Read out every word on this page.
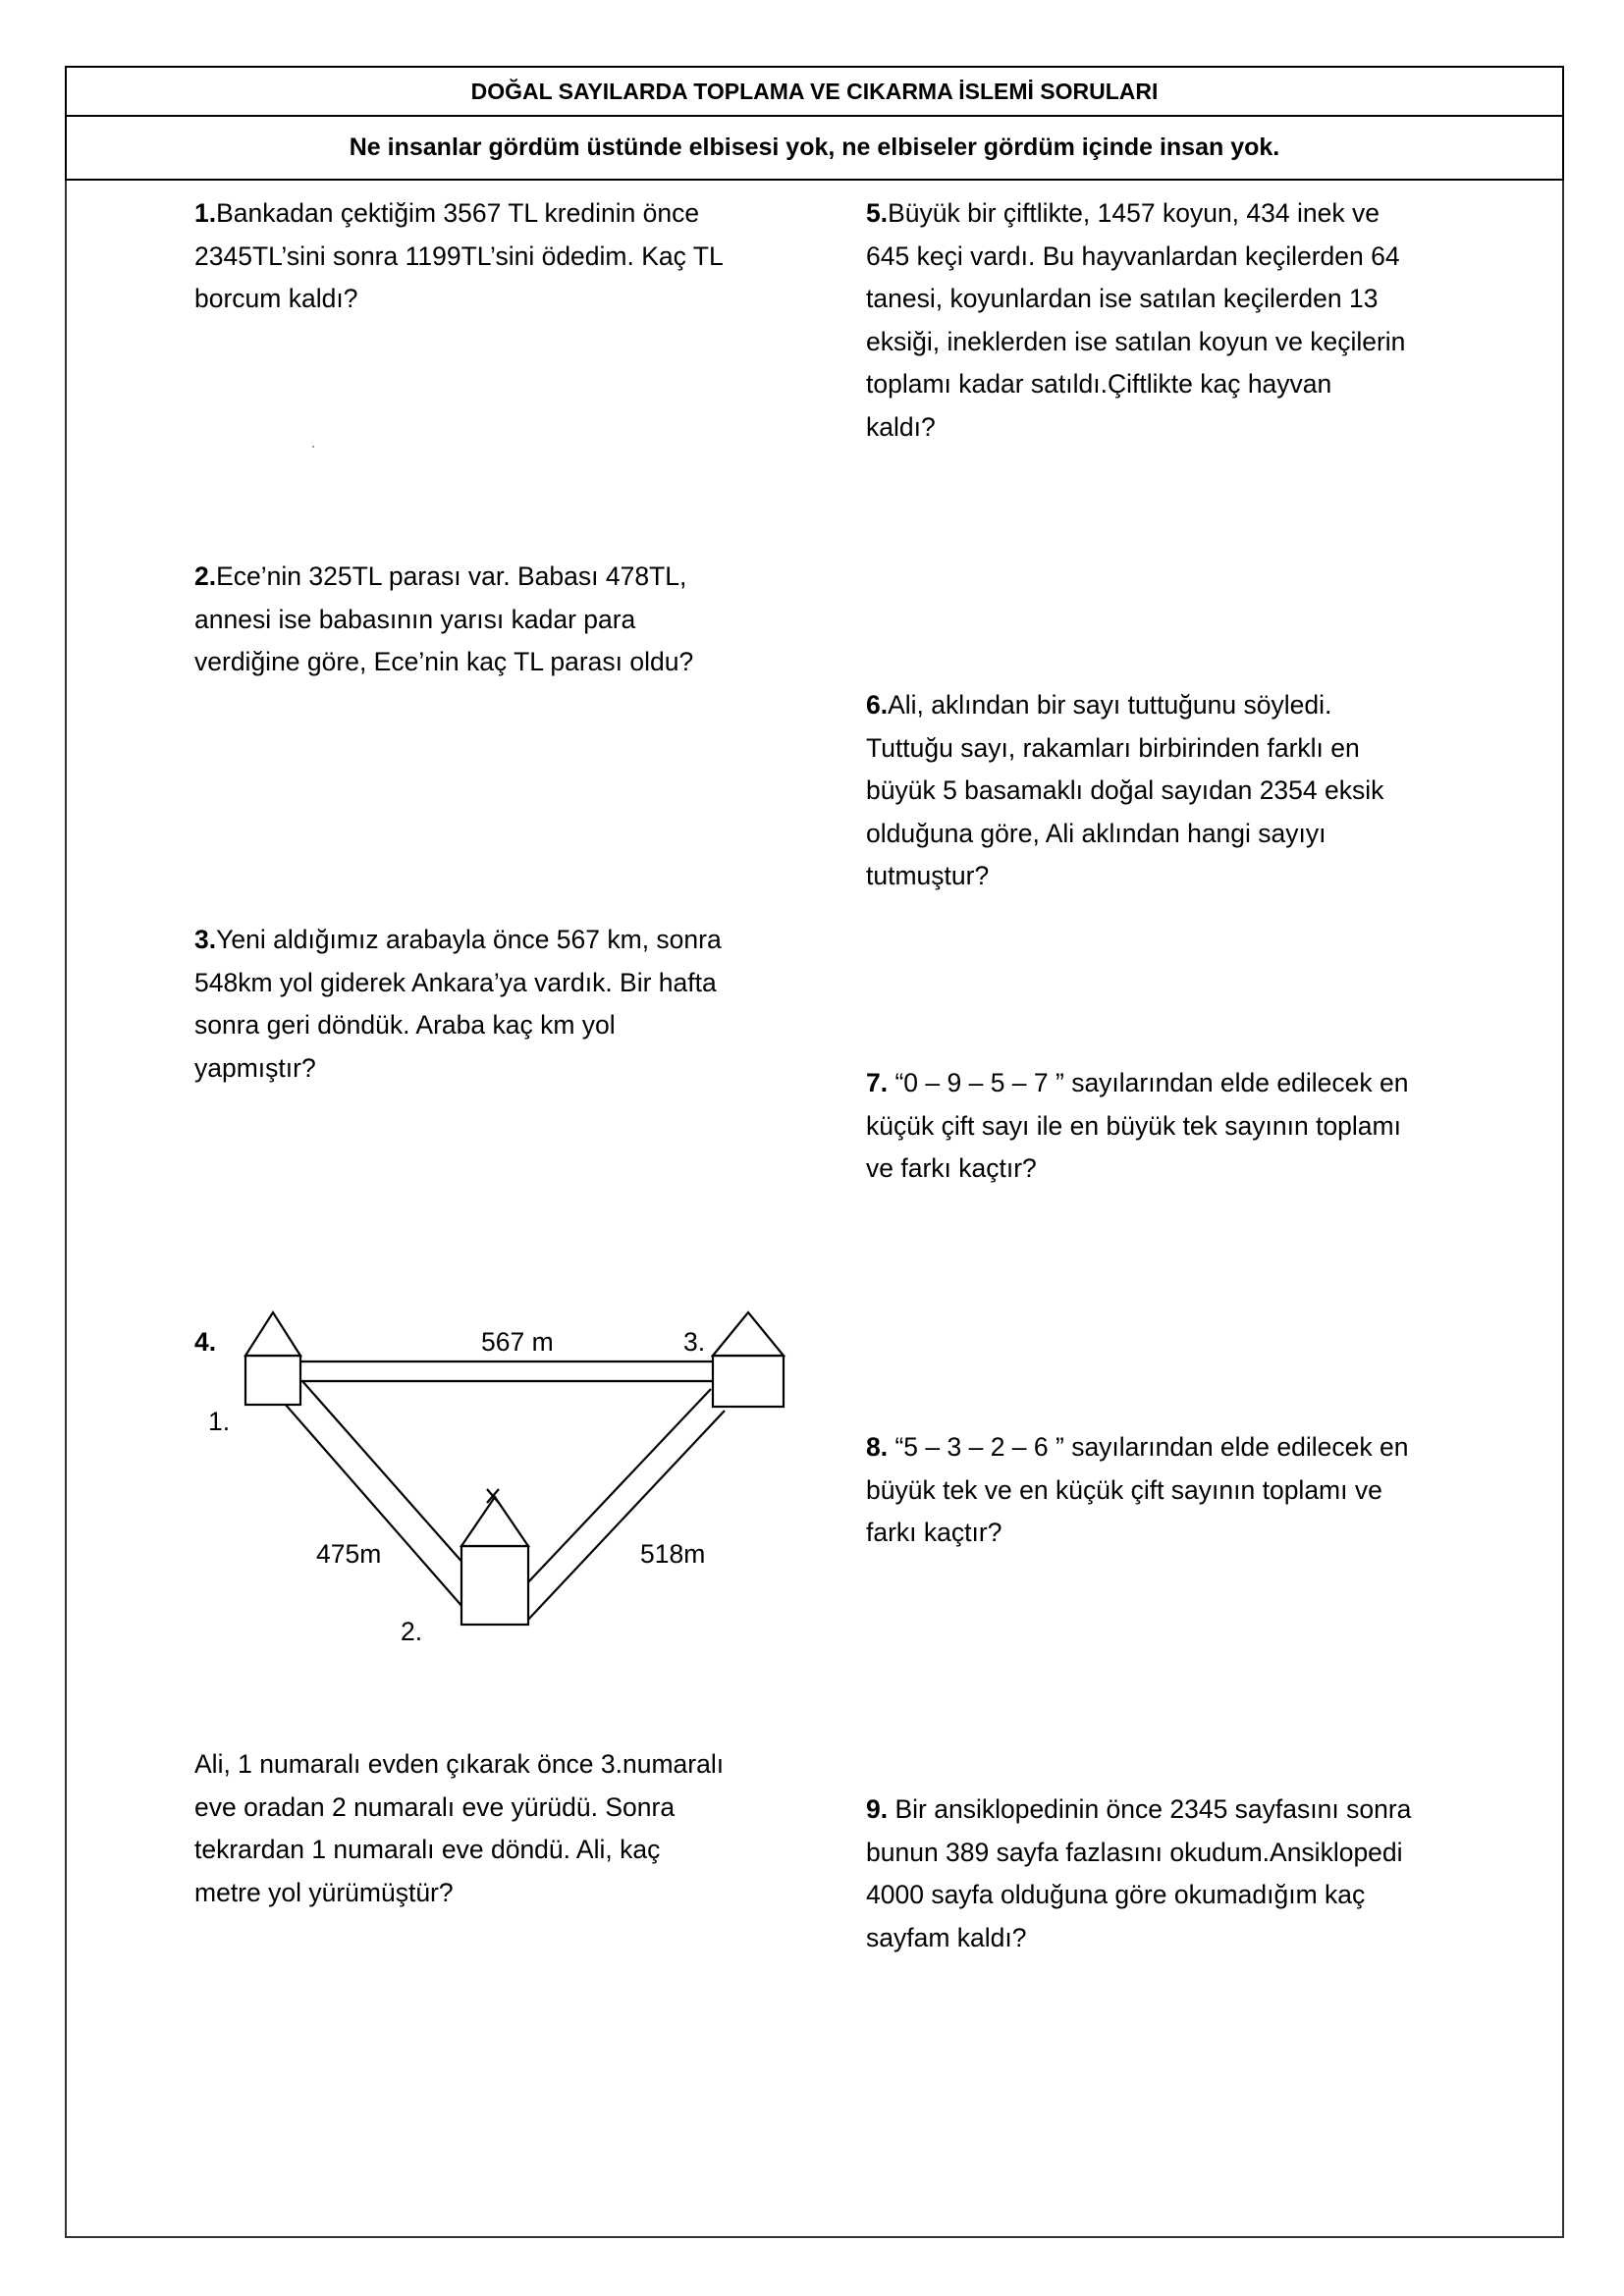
DOĞAL SAYILARDA TOPLAMA VE CIKARMA İSLEMİ SORULARI
Ne insanlar gördüm üstünde elbisesi yok, ne elbiseler gördüm içinde insan yok.
1.Bankadan çektiğim 3567 TL kredinin önce
2345TL’sini sonra 1199TL’sini ödedim. Kaç TL
borcum kaldı?
2.Ece’nin 325TL parası var. Babası 478TL,
annesi ise babasının yarısı kadar para
verdiğine göre, Ece’nin kaç TL parası oldu?
3.Yeni aldığımız arabayla önce 567 km, sonra
548km yol giderek Ankara’ya vardık. Bir hafta
sonra geri döndük. Araba kaç km yol
yapmıştır?
4.	567 m	3.
1.
475m	518m
2.
Ali, 1 numaralı evden çıkarak önce 3.numaralı
eve oradan 2 numaralı eve yürüdü. Sonra
tekrardan 1 numaralı eve döndü. Ali, kaç
metre yol yürümüştür?
5.Büyük bir çiftlikte, 1457 koyun, 434 inek ve
645 keçi vardı. Bu hayvanlardan keçilerden 64
tanesi, koyunlardan ise satılan keçilerden 13
eksiği, ineklerden ise satılan koyun ve keçilerin
toplamı kadar satıldı.Çiftlikte kaç hayvan
kaldı?
6.Ali, aklından bir sayı tuttuğunu söyledi.
Tuttuğu sayı, rakamları birbirinden farklı en
büyük 5 basamaklı doğal sayıdan 2354 eksik
olduğuna göre, Ali aklından hangi sayıyı
tutmuştur?
7. “0 – 9 – 5 – 7 ” sayılarından elde edilecek en
küçük çift sayı ile en büyük tek sayının toplamı
ve farkı kaçtır?
8. “5 – 3 – 2 – 6 ” sayılarından elde edilecek en
büyük tek ve en küçük çift sayının toplamı ve
farkı kaçtır?
9. Bir ansiklopedinin önce 2345 sayfasını sonra
bunun 389 sayfa fazlasını okudum.Ansiklopedi
4000 sayfa olduğuna göre okumadığım kaç
sayfam kaldı?
